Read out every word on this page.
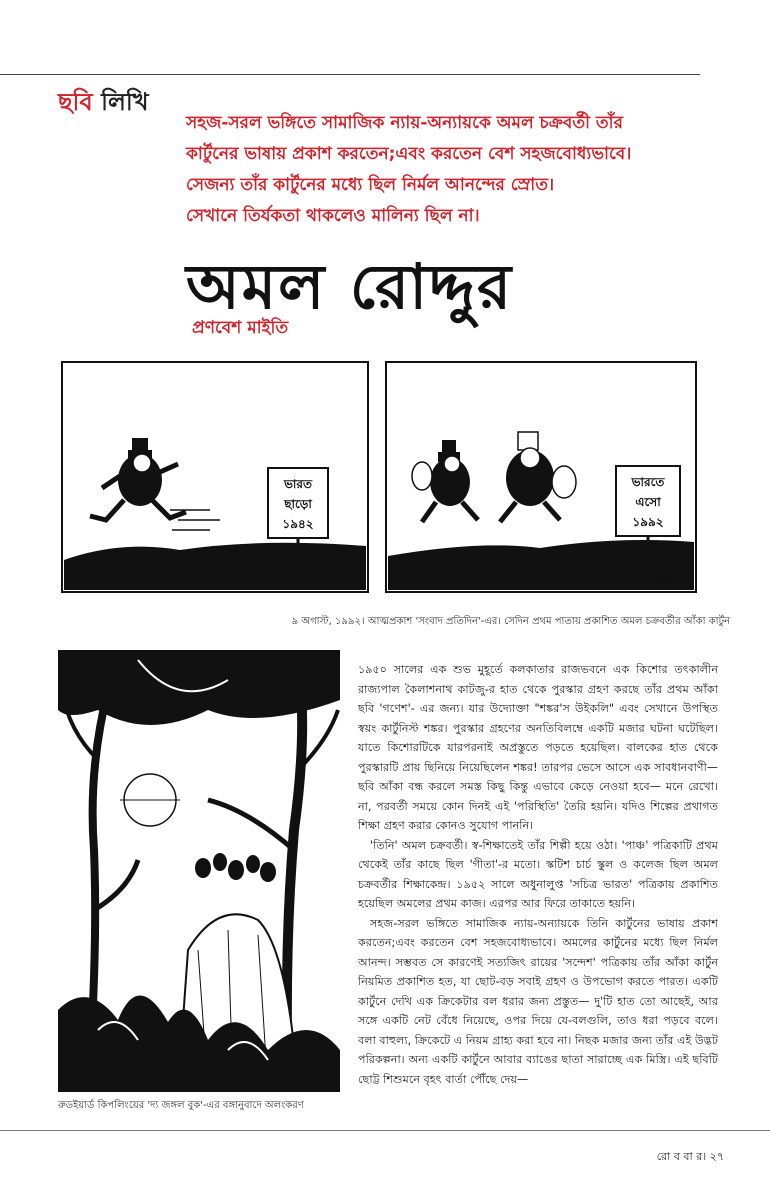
ছবি লিখি
সহজ-সরল ভঙ্গিতে সামাজিক ন্যায়-অন্যায়কে অমল চক্রবর্তী তাঁর
কার্টুনের ভাষায় প্রকাশ করতেন;এবং করতেন বেশ সহজবোধ্যভাবে।
সেজন্য তাঁর কার্টুনের মধ্যে ছিল নির্মল আনন্দের স্রোত।
সেখানে তির্যকতা থাকলেও মালিন্য ছিল না।
অমল রোদ্দুর
প্রণবেশ মাইতি
ভারত
ছাড়ো
১৯৪২
ভারতে
এসো
১৯৯২
অমল
৯ অগাস্ট, ১৯৯২। আত্মপ্রকাশ 'সংবাদ প্রতিদিন'-এর। সেদিন প্রথম পাতায় প্রকাশিত অমল চক্রবর্তীর আঁকা কার্টুন
রুডইয়ার্ড কিপলিংয়ের 'দ্য জঙ্গল বুক'-এর বঙ্গানুবাদে অলংকরণ

১৯৫০ সালের এক শুভ মুহূর্তে কলকাতার রাজভবনে এক কিশোর তৎকালীন রাজ্যপাল কৈলাশনাথ কাটজু-র হাত থেকে পুরস্কার গ্রহণ করছে তাঁর প্রথম আঁকা ছবি 'গণেশ'- এর জন্য। যার উদ্যোক্তা "শঙ্কর'স উইকলি" এবং সেখানে উপস্থিত স্বয়ং কার্টুনিস্ট শঙ্কর। পুরস্কার গ্রহণের অনতিবিলম্বে একটি মজার ঘটনা ঘটেছিল। যাতে কিশোরটিকে যারপরনাই অপ্রস্তুতে পড়তে হয়েছিল। বালকের হাত থেকে পুরস্কারটি প্রায় ছিনিয়ে নিয়েছিলেন শঙ্কর! তারপর ভেসে আসে এক সাবধানবাণী— ছবি আঁকা বন্ধ করলে সমস্ত কিছু কিন্তু এভাবে কেড়ে নেওয়া হবে— মনে রেখো। না, পরবর্তী সময়ে কোন দিনই এই 'পরিস্থিতি' তৈরি হয়নি। যদিও শিল্পের প্রথাগত শিক্ষা গ্রহণ করার কোনও সুযোগ পাননি।

'তিনি' অমল চক্রবর্তী। স্ব-শিক্ষাতেই তাঁর শিল্পী হয়ে ওঠা। 'পাঞ্চ' পত্রিকাটি প্রথম থেকেই তাঁর কাছে ছিল 'গীতা'-র মতো। স্কটিশ চার্চ স্কুল ও কলেজ ছিল অমল চক্রবর্তীর শিক্ষাকেন্দ্র। ১৯৫২ সালে অধুনালুপ্ত 'সচিত্র ভারত' পত্রিকায় প্রকাশিত হয়েছিল অমলের প্রথম কাজ। এরপর আর ফিরে তাকাতে হয়নি।

সহজ-সরল ভঙ্গিতে সামাজিক ন্যায়-অন্যায়কে তিনি কার্টুনের ভাষায় প্রকাশ করতেন;এবং করতেন বেশ সহজবোধ্যভাবে। অমলের কার্টুনের মধ্যে ছিল নির্মল আনন্দ। সম্ভবত সে কারণেই সত্যজিৎ রায়ের 'সন্দেশ' পত্রিকায় তাঁর আঁকা কার্টুন নিয়মিত প্রকাশিত হত, যা ছোট-বড় সবাই গ্রহণ ও উপভোগ করতে পারত। একটি কার্টুনে দেখি এক ক্রিকেটার বল ধরার জন্য প্রস্তুত— দু'টি হাত তো আছেই, আর সঙ্গে একটি নেট বেঁধে নিয়েছে, ওপর দিয়ে যে-বলগুলি, তাও ধরা পড়বে বলে। বলা বাহুল্য, ক্রিকেটে এ নিয়ম গ্রাহ্য করা হবে না। নিছক মজার জন্য তাঁর এই উদ্ভট পরিকল্পনা। অন্য একটি কার্টুনে আবার ব্যাঙের ছাতা সারাচ্ছে এক মিস্ত্রি। এই ছবিটি ছোট্ট শিশুমনে বৃহৎ বার্তা পৌঁছে দেয়—

রো ব বা র। ২৭
